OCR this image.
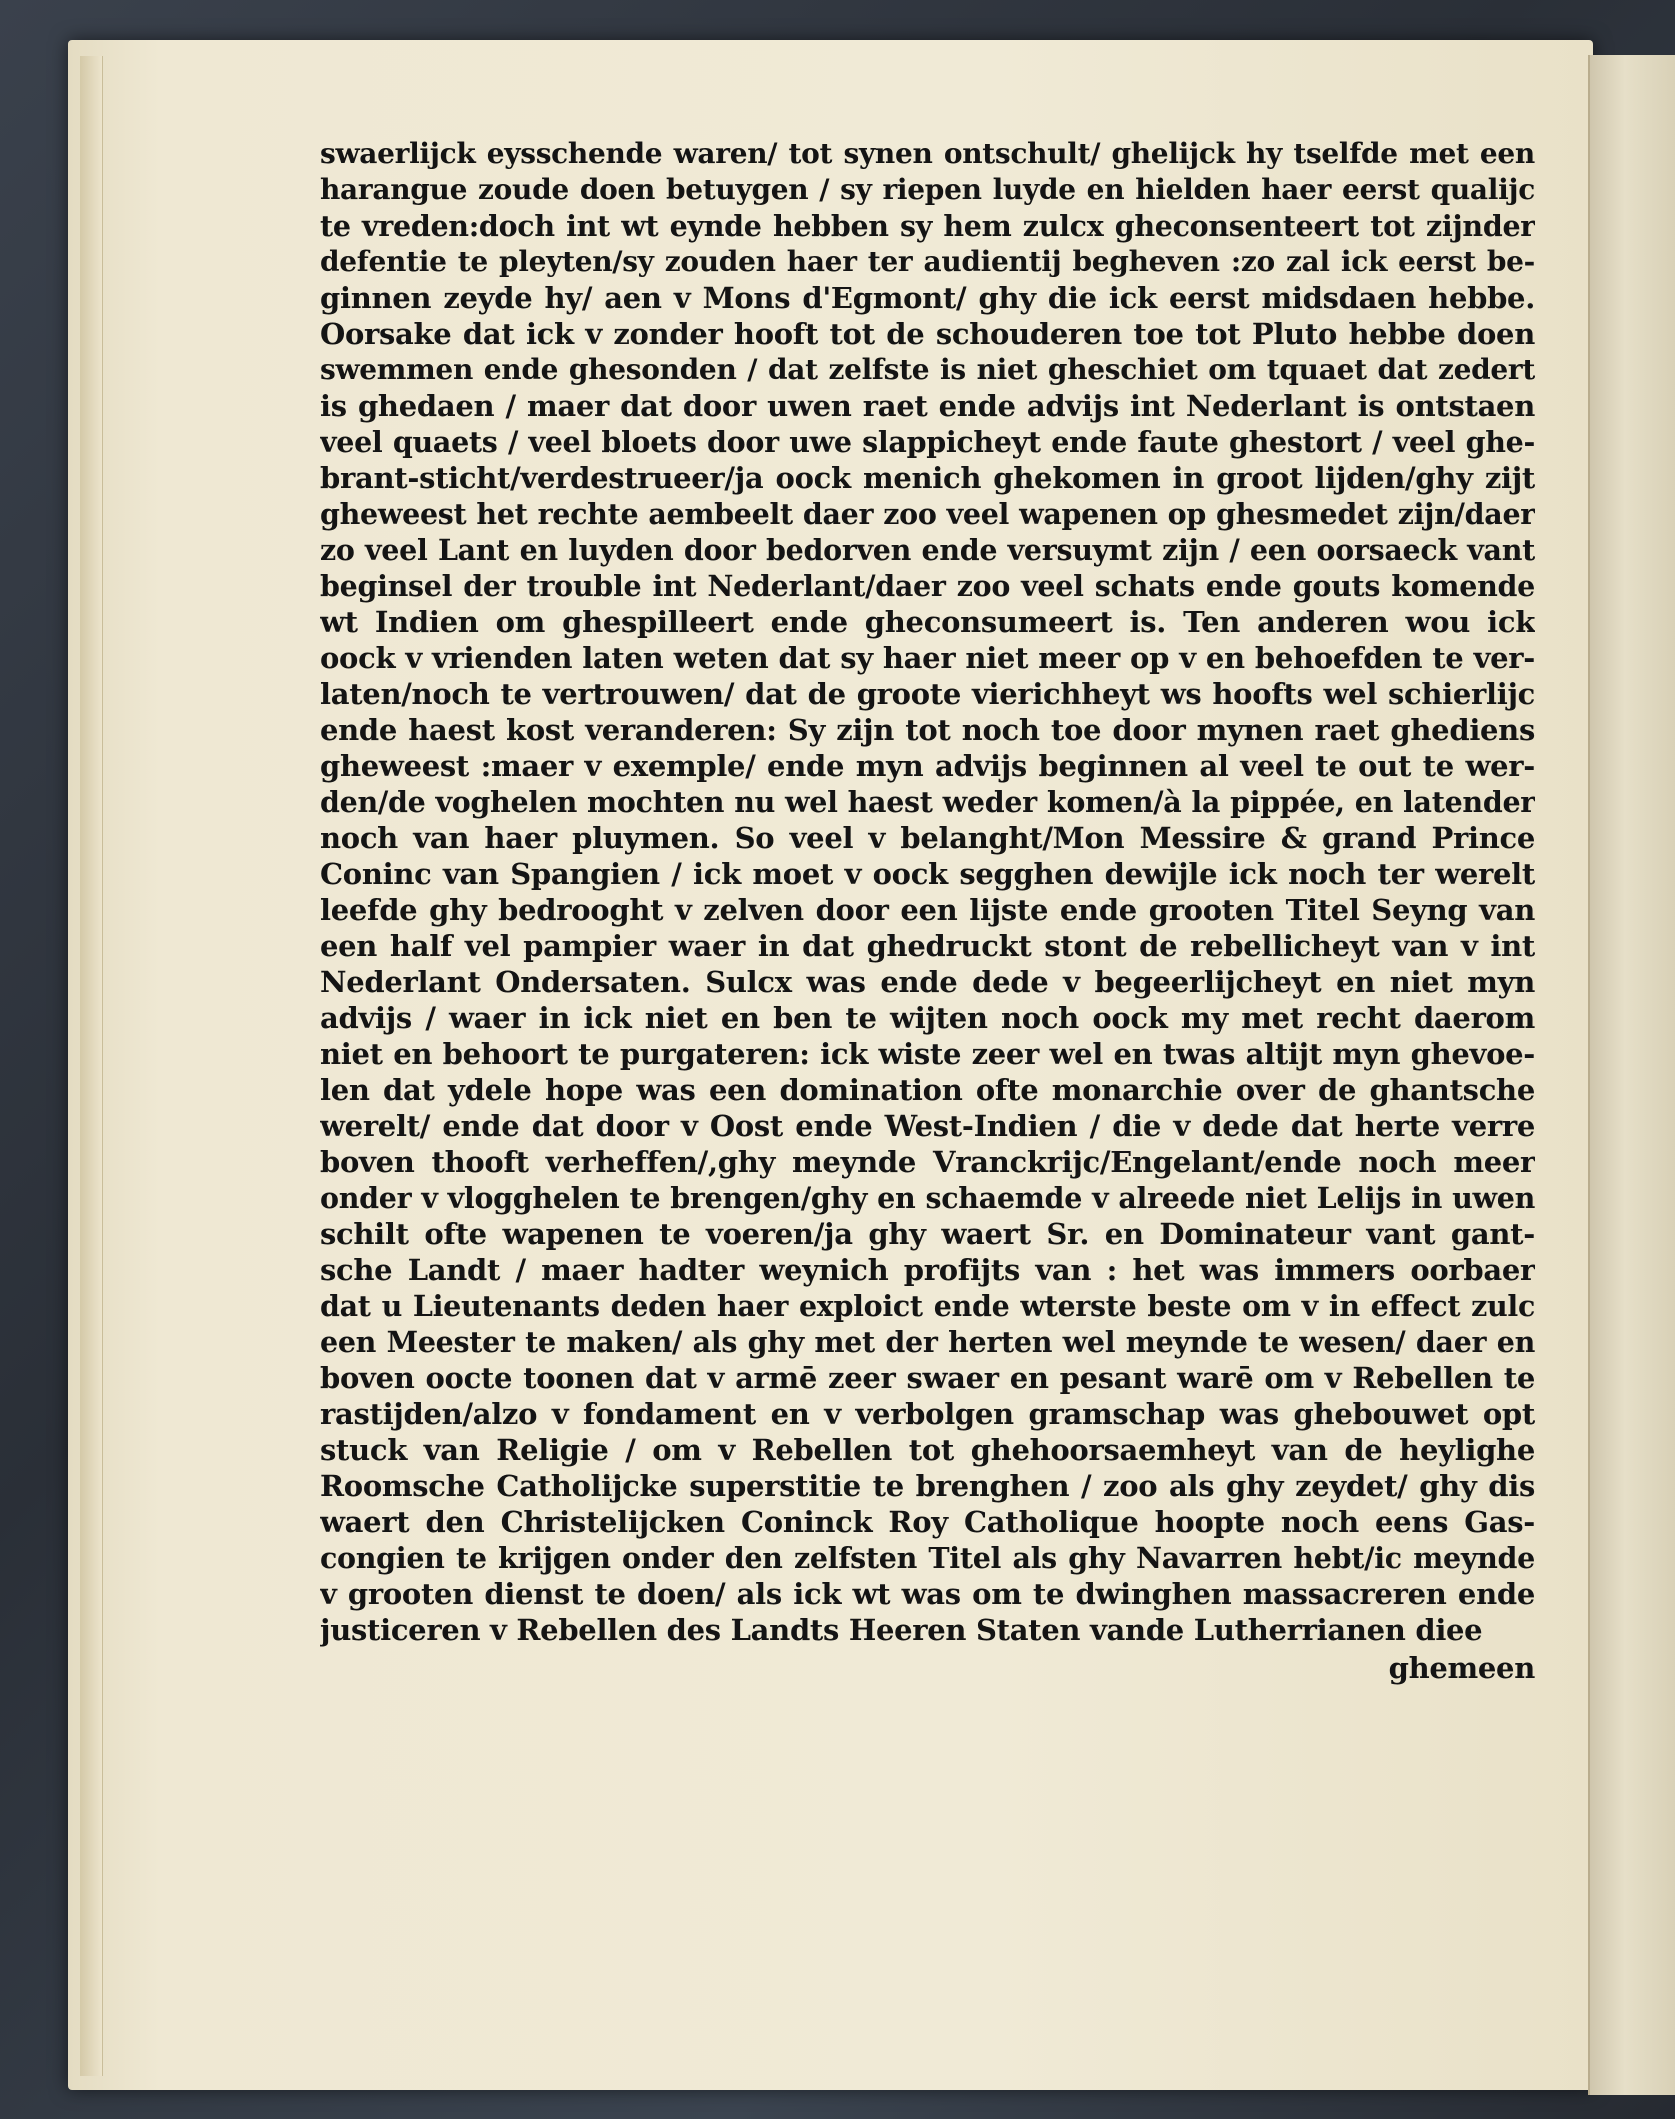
swaerlijck eysschende waren/ tot synen ontschult/ ghelijck hy tselfde met een
harangue zoude doen betuygen / sy riepen luyde en hielden haer eerst qualijc
te vreden:doch int wt eynde hebben sy hem zulcx gheconsenteert tot zijnder
defentie te pleyten/sy zouden haer ter audientij begheven :zo zal ick eerst be-
ginnen zeyde hy/ aen v Mons d'Egmont/ ghy die ick eerst midsdaen hebbe.
Oorsake dat ick v zonder hooft tot de schouderen toe tot Pluto hebbe doen
swemmen ende ghesonden / dat zelfste is niet gheschiet om tquaet dat zedert
is ghedaen / maer dat door uwen raet ende advijs int Nederlant is ontstaen
veel quaets / veel bloets door uwe slappicheyt ende faute ghestort / veel ghe-
brant-sticht/verdestrueer/ja oock menich ghekomen in groot lijden/ghy zijt
gheweest het rechte aembeelt daer zoo veel wapenen op ghesmedet zijn/daer
zo veel Lant en luyden door bedorven ende versuymt zijn / een oorsaeck vant
beginsel der trouble int Nederlant/daer zoo veel schats ende gouts komende
wt Indien om ghespilleert ende gheconsumeert is. Ten anderen wou ick
oock v vrienden laten weten dat sy haer niet meer op v en behoefden te ver-
laten/noch te vertrouwen/ dat de groote vierichheyt ws hoofts wel schierlijc
ende haest kost veranderen: Sy zijn tot noch toe door mynen raet ghediens
gheweest :maer v exemple/ ende myn advijs beginnen al veel te out te wer-
den/de voghelen mochten nu wel haest weder komen/à la pippée, en latender
noch van haer pluymen. So veel v belanght/Mon Messire & grand Prince
Coninc van Spangien / ick moet v oock segghen dewijle ick noch ter werelt
leefde ghy bedrooght v zelven door een lijste ende grooten Titel Seyng van
een half vel pampier waer in dat ghedruckt stont de rebellicheyt van v int
Nederlant Ondersaten. Sulcx was ende dede v begeerlijcheyt en niet myn
advijs / waer in ick niet en ben te wijten noch oock my met recht daerom
niet en behoort te purgateren: ick wiste zeer wel en twas altijt myn ghevoe-
len dat ydele hope was een domination ofte monarchie over de ghantsche
werelt/ ende dat door v Oost ende West-Indien / die v dede dat herte verre
boven thooft verheffen/,ghy meynde Vranckrijc/Engelant/ende noch meer
onder v vlogghelen te brengen/ghy en schaemde v alreede niet Lelijs in uwen
schilt ofte wapenen te voeren/ja ghy waert Sr. en Dominateur vant gant-
sche Landt / maer hadter weynich profijts van : het was immers oorbaer
dat u Lieutenants deden haer exploict ende wterste beste om v in effect zulc
een Meester te maken/ als ghy met der herten wel meynde te wesen/ daer en
boven oocte toonen dat v armē zeer swaer en pesant warē om v Rebellen te
rastijden/alzo v fondament en v verbolgen gramschap was ghebouwet opt
stuck van Religie / om v Rebellen tot ghehoorsaemheyt van de heylighe
Roomsche Catholijcke superstitie te brenghen / zoo als ghy zeydet/ ghy dis
waert den Christelijcken Coninck Roy Catholique hoopte noch eens Gas-
congien te krijgen onder den zelfsten Titel als ghy Navarren hebt/ic meynde
v grooten dienst te doen/ als ick wt was om te dwinghen massacreren ende
justiceren v Rebellen des Landts Heeren Staten vande Lutherrianen diee
ghemeen
